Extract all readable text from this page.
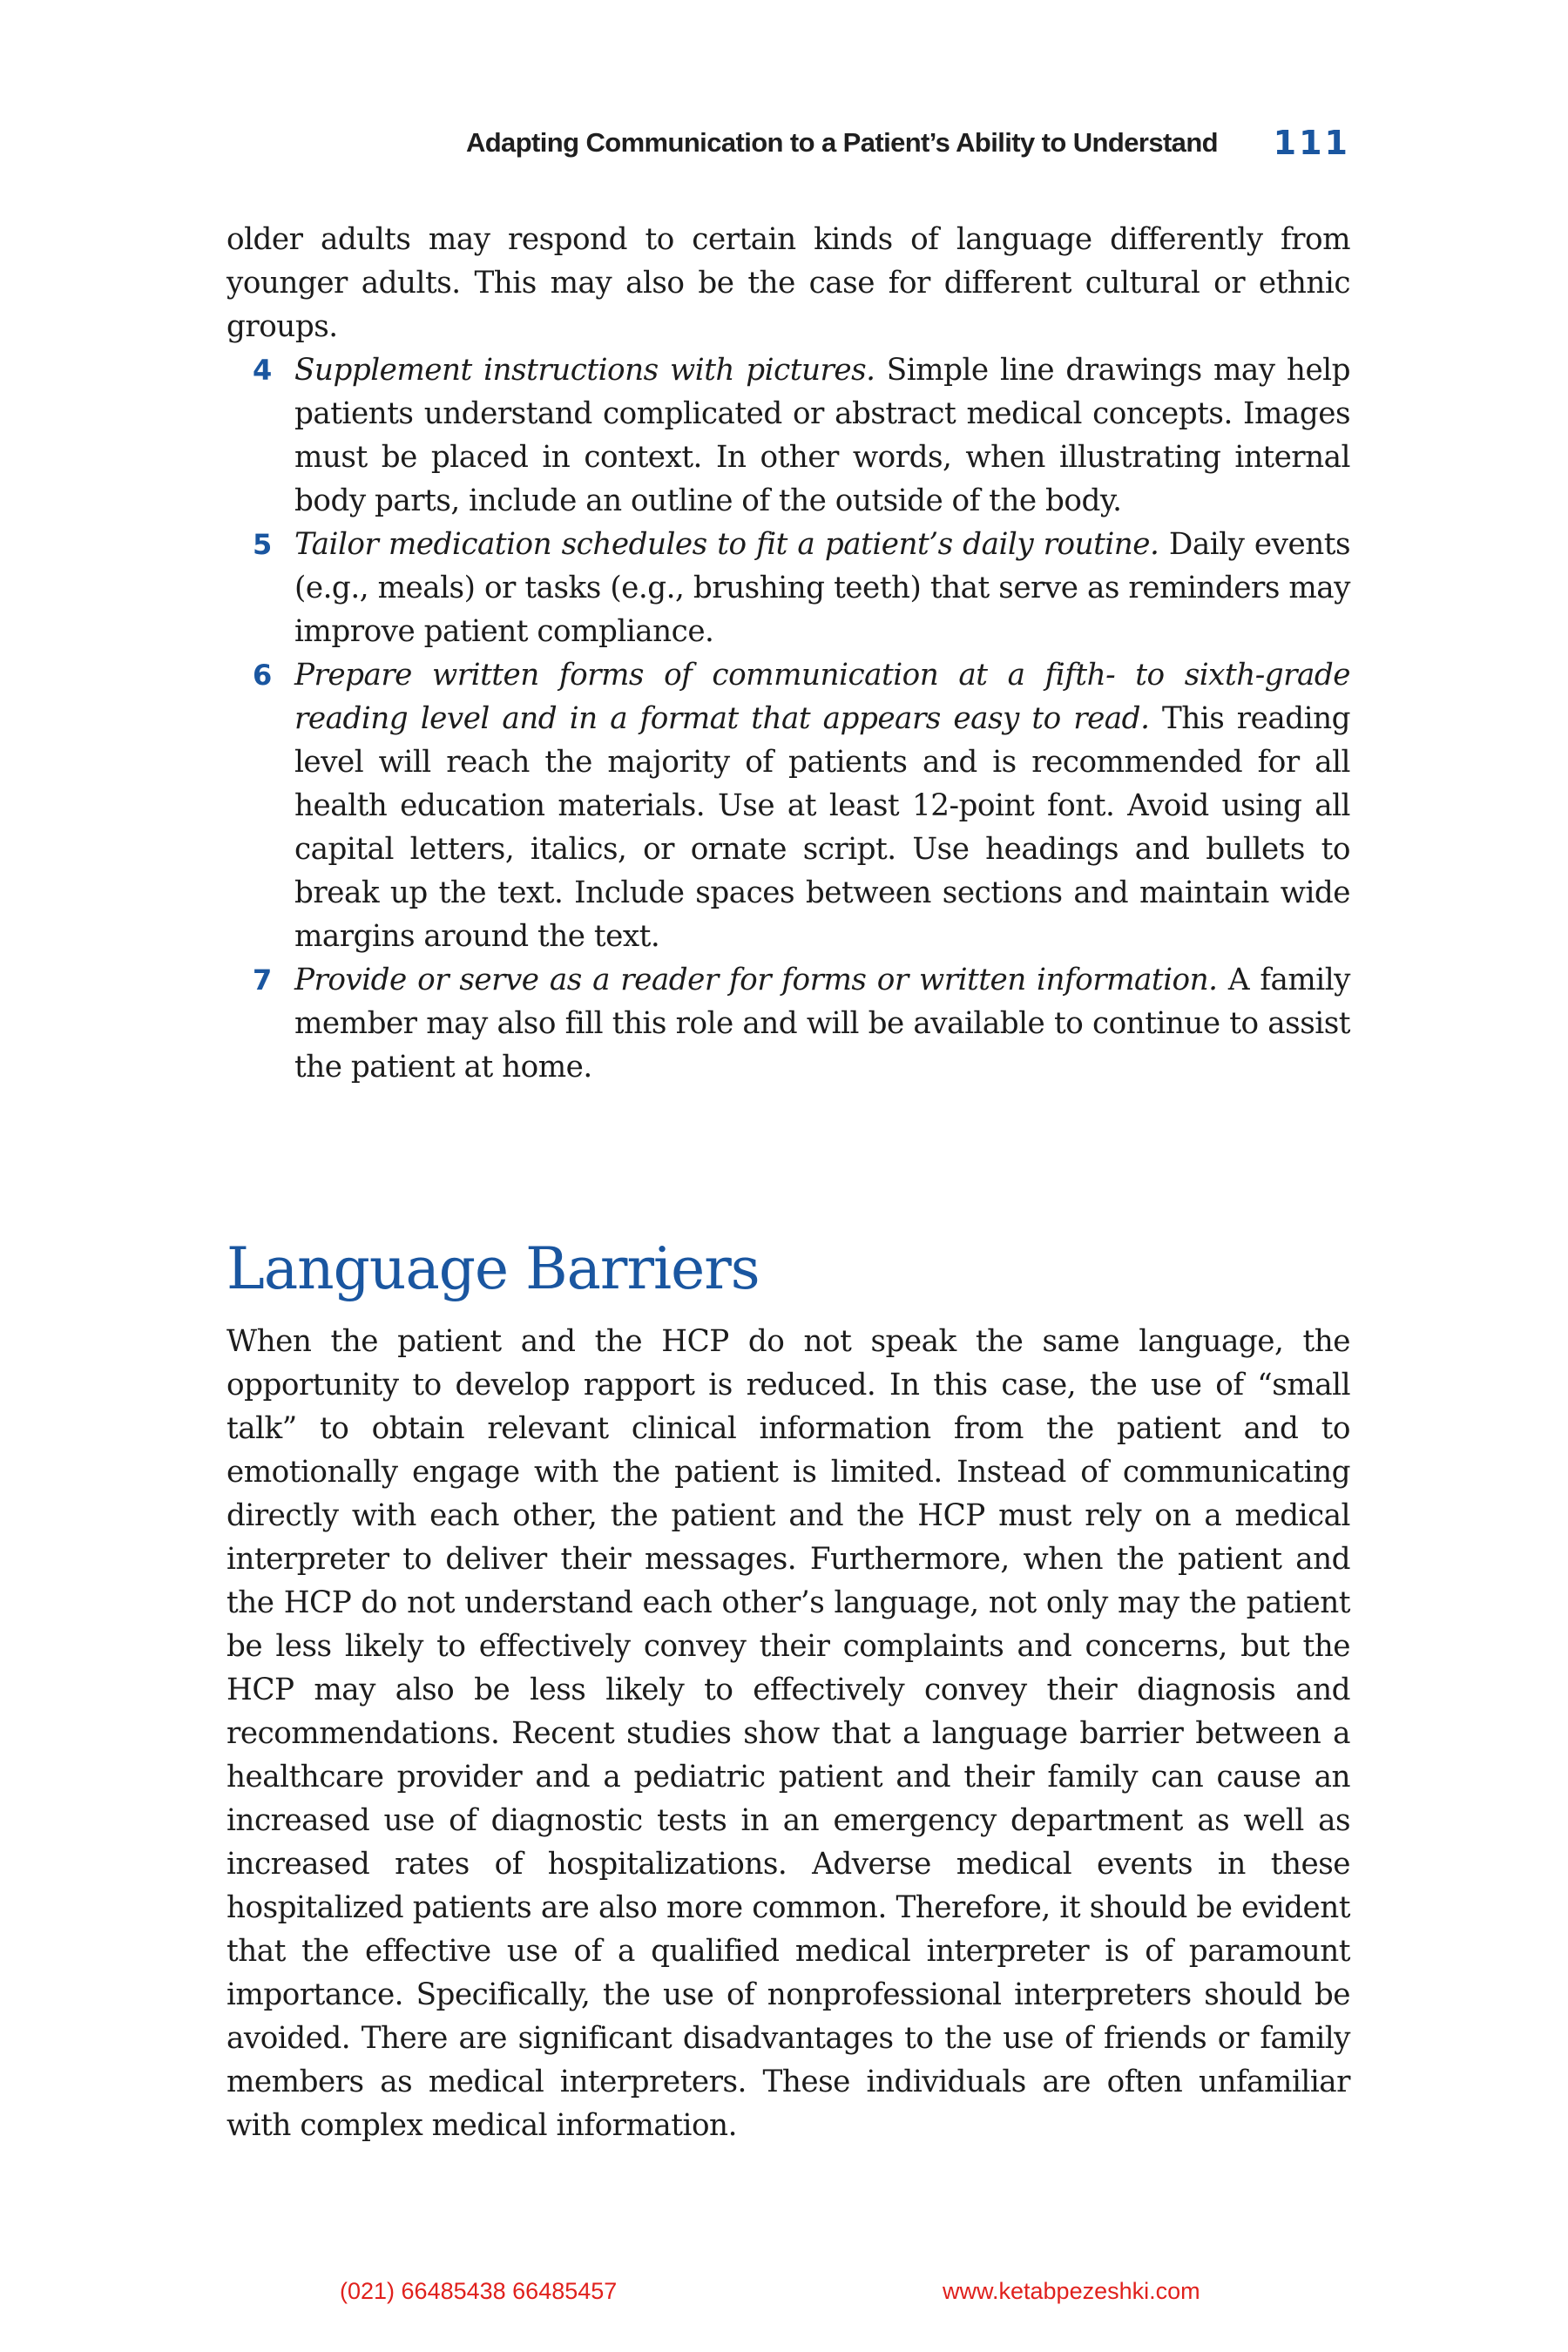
Adapting Communication to a Patient’s Ability to Understand 111

older adults may respond to certain kinds of language differently from younger adults. This may also be the case for different cultural or ethnic groups.

4 Supplement instructions with pictures. Simple line drawings may help patients understand complicated or abstract medical concepts. Images must be placed in context. In other words, when illustrating internal body parts, include an outline of the outside of the body.
5 Tailor medication schedules to fit a patient’s daily routine. Daily events (e.g., meals) or tasks (e.g., brushing teeth) that serve as reminders may improve patient compliance.
6 Prepare written forms of communication at a fifth- to sixth-grade reading level and in a format that appears easy to read. This reading level will reach the majority of patients and is recommended for all health education materials. Use at least 12-point font. Avoid using all capital letters, italics, or ornate script. Use headings and bullets to break up the text. Include spaces between sections and maintain wide margins around the text.
7 Provide or serve as a reader for forms or written information. A family member may also fill this role and will be available to continue to assist the patient at home.
Language Barriers

When the patient and the HCP do not speak the same language, the opportunity to develop rapport is reduced. In this case, the use of “small talk” to obtain relevant clinical information from the patient and to emotionally engage with the patient is limited. Instead of communicating directly with each other, the patient and the HCP must rely on a medical interpreter to deliver their messages. Furthermore, when the patient and the HCP do not understand each other’s language, not only may the patient be less likely to effectively convey their complaints and concerns, but the HCP may also be less likely to effectively convey their diagnosis and recommendations. Recent studies show that a language barrier between a healthcare provider and a pediatric patient and their family can cause an increased use of diagnostic tests in an emergency department as well as increased rates of hospitalizations. Adverse medical events in these hospitalized patients are also more common. Therefore, it should be evident that the effective use of a qualified medical interpreter is of paramount importance. Specifically, the use of nonprofessional interpreters should be avoided. There are significant disadvantages to the use of friends or family members as medical interpreters. These individuals are often unfamiliar with complex medical information.

(021) 66485438 66485457	www.ketabpezeshki.com
